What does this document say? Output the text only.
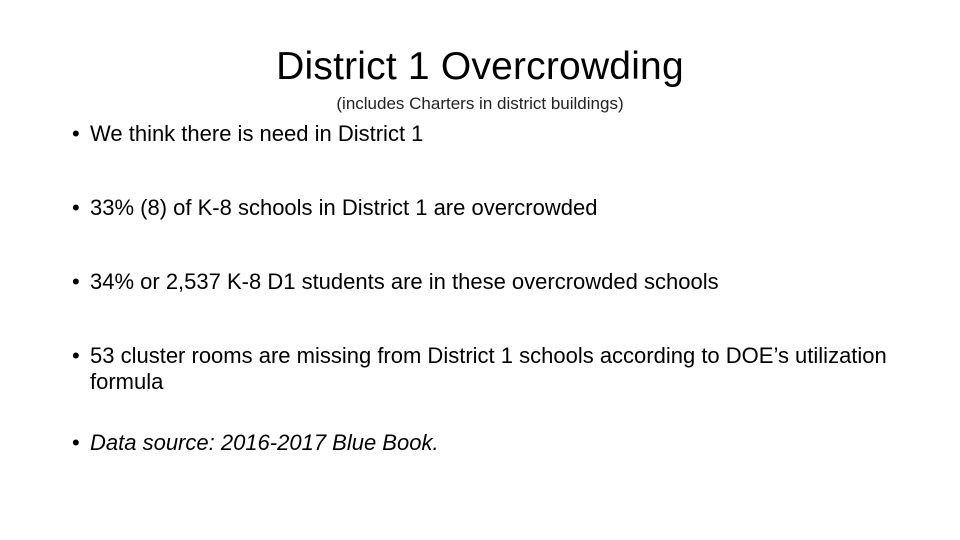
District 1 Overcrowding

(includes Charters in district buildings)

• We think there is need in District 1
• 33% (8) of K-8 schools in District 1 are overcrowded
• 34% or 2,537 K-8 D1 students are in these overcrowded schools
• 53 cluster rooms are missing from District 1 schools according to DOE’s utilization formula
• Data source: 2016-2017 Blue Book.
